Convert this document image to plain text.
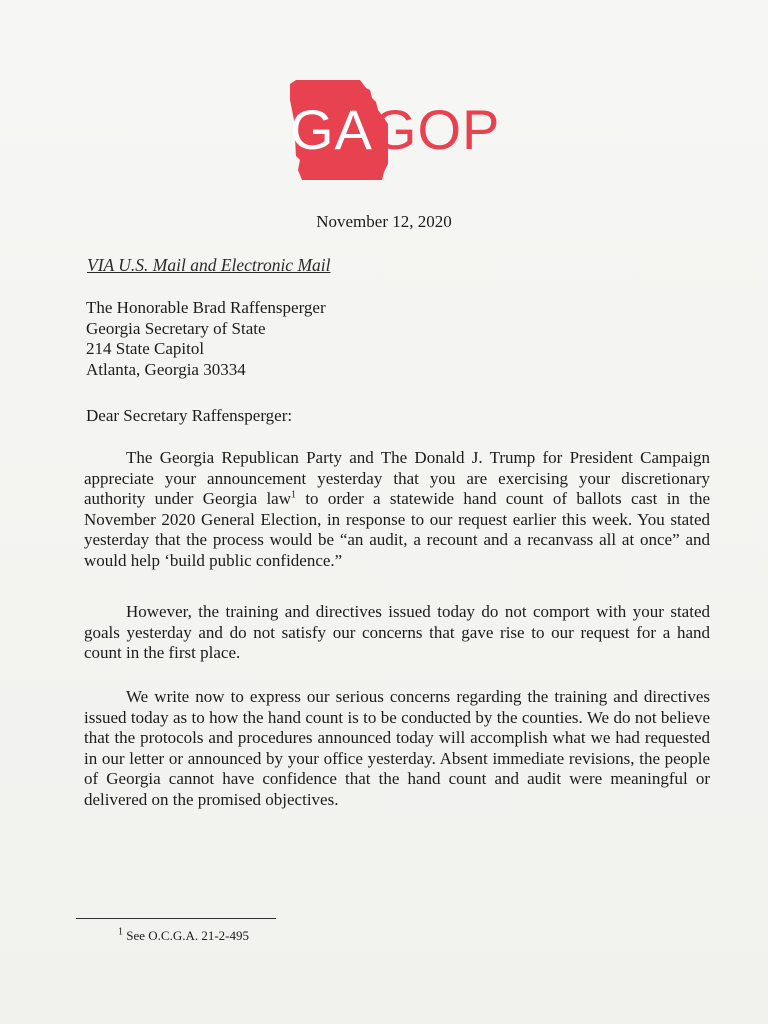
GAGOP
November 12, 2020
VIA U.S. Mail and Electronic Mail
The Honorable Brad Raffensperger
Georgia Secretary of State
214 State Capitol
Atlanta, Georgia 30334
Dear Secretary Raffensperger:
The Georgia Republican Party and The Donald J. Trump for President Campaign appreciate your announcement yesterday that you are exercising your discretionary authority under Georgia law$^1$ to order a statewide hand count of ballots cast in the November 2020 General Election, in response to our request earlier this week. You stated yesterday that the process would be “an audit, a recount and a recanvass all at once” and would help ‘build public confidence.”
However, the training and directives issued today do not comport with your stated goals yesterday and do not satisfy our concerns that gave rise to our request for a hand count in the first place.
We write now to express our serious concerns regarding the training and directives issued today as to how the hand count is to be conducted by the counties. We do not believe that the protocols and procedures announced today will accomplish what we had requested in our letter or announced by your office yesterday. Absent immediate revisions, the people of Georgia cannot have confidence that the hand count and audit were meaningful or delivered on the promised objectives.
$^1$ See O.C.G.A. 21-2-495
